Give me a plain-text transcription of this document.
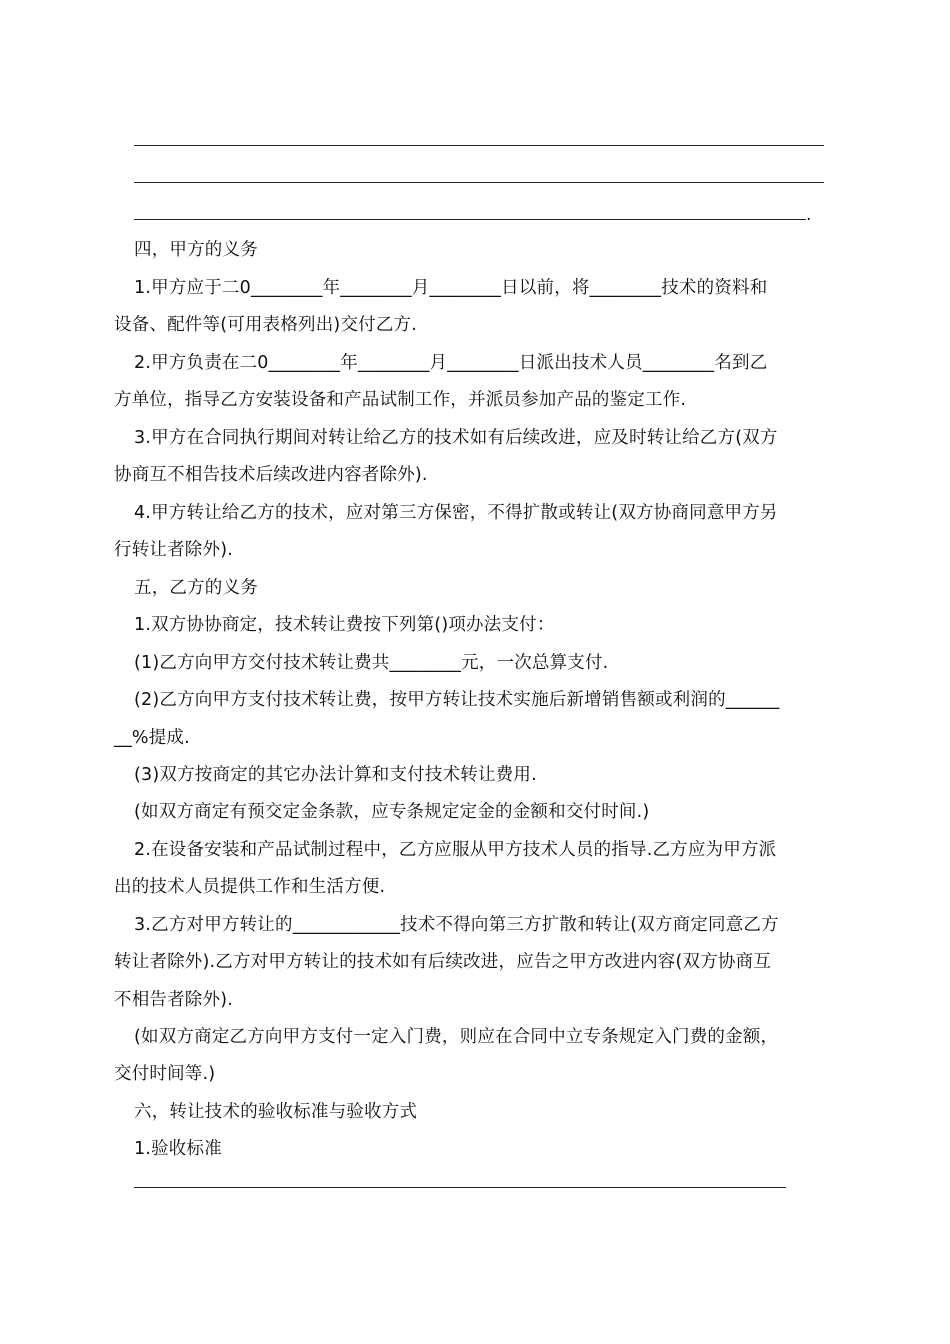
.
四，甲方的义务
1.甲方应于二0________年________月________日以前，将________技术的资料和
设备、配件等(可用表格列出)交付乙方.
2.甲方负责在二0________年________月________日派出技术人员________名到乙
方单位，指导乙方安装设备和产品试制工作，并派员参加产品的鉴定工作.
3.甲方在合同执行期间对转让给乙方的技术如有后续改进，应及时转让给乙方(双方
协商互不相告技术后续改进内容者除外).
4.甲方转让给乙方的技术，应对第三方保密，不得扩散或转让(双方协商同意甲方另
行转让者除外).
五，乙方的义务
1.双方协协商定，技术转让费按下列第()项办法支付：
(1)乙方向甲方交付技术转让费共________元，一次总算支付.
(2)乙方向甲方支付技术转让费，按甲方转让技术实施后新增销售额或利润的______
__%提成.
(3)双方按商定的其它办法计算和支付技术转让费用.
(如双方商定有预交定金条款，应专条规定定金的金额和交付时间.)
2.在设备安装和产品试制过程中，乙方应服从甲方技术人员的指导.乙方应为甲方派
出的技术人员提供工作和生活方便.
3.乙方对甲方转让的____________技术不得向第三方扩散和转让(双方商定同意乙方
转让者除外).乙方对甲方转让的技术如有后续改进，应告之甲方改进内容(双方协商互
不相告者除外).
(如双方商定乙方向甲方支付一定入门费，则应在合同中立专条规定入门费的金额，
交付时间等.)
六，转让技术的验收标准与验收方式
1.验收标准
